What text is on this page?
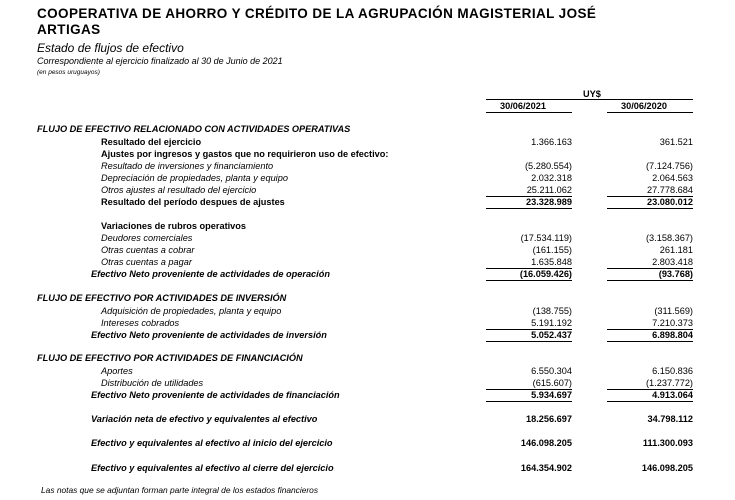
COOPERATIVA DE AHORRO Y CRÉDITO DE LA AGRUPACIÓN MAGISTERIAL JOSÉ
ARTIGAS
Estado de flujos de efectivo
Correspondiente al ejercicio finalizado al 30 de Junio de 2021
(en pesos uruguayos)
UY$
30/06/2021	30/06/2020
FLUJO DE EFECTIVO RELACIONADO CON ACTIVIDADES OPERATIVAS
Resultado del ejercicio	1.366.163	361.521
Ajustes por ingresos y gastos que no requirieron uso de efectivo:
Resultado de inversiones y financiamiento	(5.280.554)	(7.124.756)
Depreciación de propiedades, planta y equipo	2.032.318	2.064.563
Otros ajustes al resultado del ejercicio	25.211.062	27.778.684
Resultado del período despues de ajustes	23.328.989	23.080.012
Variaciones de rubros operativos
Deudores comerciales	(17.534.119)	(3.158.367)
Otras cuentas a cobrar	(161.155)	261.181
Otras cuentas a pagar	1.635.848	2.803.418
Efectivo Neto proveniente de actividades de operación	(16.059.426)	(93.768)
FLUJO DE EFECTIVO POR ACTIVIDADES DE INVERSIÓN
Adquisición de propiedades, planta y equipo	(138.755)	(311.569)
Intereses cobrados	5.191.192	7.210.373
Efectivo Neto proveniente de actividades de inversión	5.052.437	6.898.804
FLUJO DE EFECTIVO POR ACTIVIDADES DE FINANCIACIÓN
Aportes	6.550.304	6.150.836
Distribución de utilidades	(615.607)	(1.237.772)
Efectivo Neto proveniente de actividades de financiación	5.934.697	4.913.064
Variación neta de efectivo y equivalentes al efectivo	18.256.697	34.798.112
Efectivo y equivalentes al efectivo al inicio del ejercicio	146.098.205	111.300.093
Efectivo y equivalentes al efectivo al cierre del ejercicio	164.354.902	146.098.205
Las notas que se adjuntan forman parte integral de los estados financieros
